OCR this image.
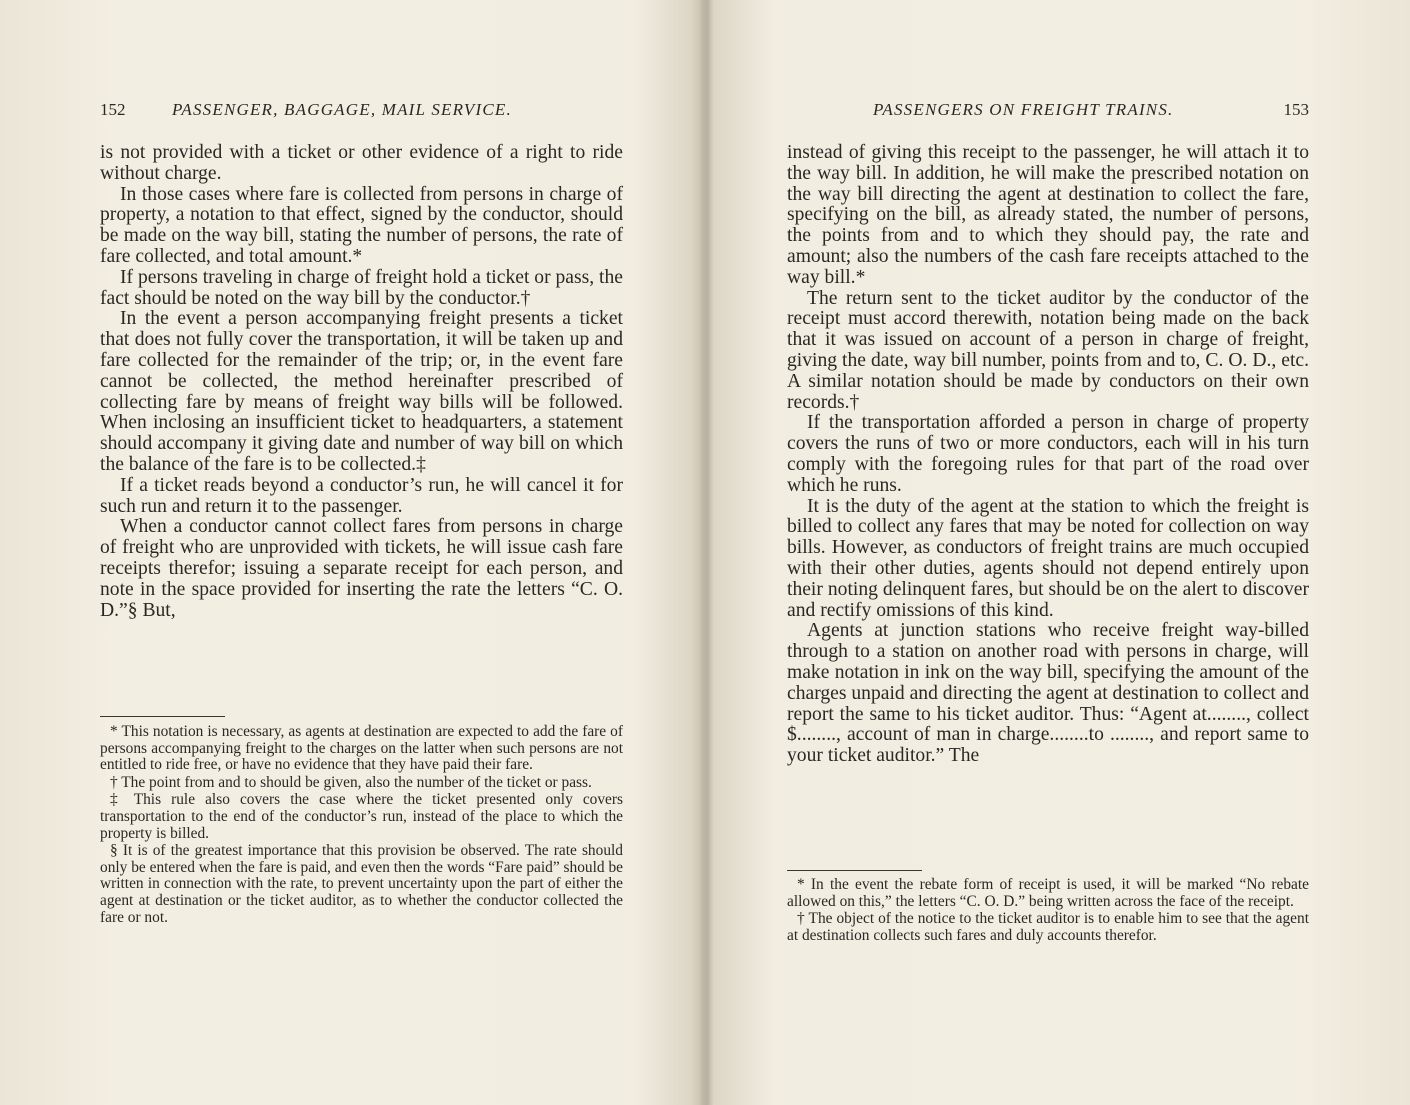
152	PASSENGER, BAGGAGE, MAIL SERVICE.

is not provided with a ticket or other evidence of a right to ride without charge.

In those cases where fare is collected from persons in charge of property, a notation to that effect, signed by the conductor, should be made on the way bill, stating the number of persons, the rate of fare collected, and total amount.*

If persons traveling in charge of freight hold a ticket or pass, the fact should be noted on the way bill by the conductor.†

In the event a person accompanying freight presents a ticket that does not fully cover the transportation, it will be taken up and fare collected for the remainder of the trip; or, in the event fare cannot be collected, the method hereinafter prescribed of collecting fare by means of freight way bills will be followed. When inclosing an insufficient ticket to headquarters, a statement should accompany it giving date and number of way bill on which the balance of the fare is to be collected.‡

If a ticket reads beyond a conductor’s run, he will cancel it for such run and return it to the passenger.

When a conductor cannot collect fares from persons in charge of freight who are unprovided with tickets, he will issue cash fare receipts therefor; issuing a separate receipt for each person, and note in the space provided for inserting the rate the letters “C. O. D.”§ But,

* This notation is necessary, as agents at destination are expected to add the fare of persons accompanying freight to the charges on the latter when such persons are not entitled to ride free, or have no evidence that they have paid their fare.

† The point from and to should be given, also the number of the ticket or pass.

‡ This rule also covers the case where the ticket presented only covers transportation to the end of the conductor’s run, instead of the place to which the property is billed.

§ It is of the greatest importance that this provision be observed. The rate should only be entered when the fare is paid, and even then the words “Fare paid” should be written in connection with the rate, to prevent uncertainty upon the part of either the agent at destination or the ticket auditor, as to whether the conductor collected the fare or not.

PASSENGERS ON FREIGHT TRAINS.	153

instead of giving this receipt to the passenger, he will attach it to the way bill. In addition, he will make the prescribed notation on the way bill directing the agent at destination to collect the fare, specifying on the bill, as already stated, the number of persons, the points from and to which they should pay, the rate and amount; also the numbers of the cash fare receipts attached to the way bill.*

The return sent to the ticket auditor by the conductor of the receipt must accord therewith, notation being made on the back that it was issued on account of a person in charge of freight, giving the date, way bill number, points from and to, C. O. D., etc. A similar notation should be made by conductors on their own records.†

If the transportation afforded a person in charge of property covers the runs of two or more conductors, each will in his turn comply with the foregoing rules for that part of the road over which he runs.

It is the duty of the agent at the station to which the freight is billed to collect any fares that may be noted for collection on way bills. However, as conductors of freight trains are much occupied with their other duties, agents should not depend entirely upon their noting delinquent fares, but should be on the alert to discover and rectify omissions of this kind.

Agents at junction stations who receive freight way-billed through to a station on another road with persons in charge, will make notation in ink on the way bill, specifying the amount of the charges unpaid and directing the agent at destination to collect and report the same to his ticket auditor. Thus: “Agent at........, collect $........, account of man in charge........to ........, and report same to your ticket auditor.” The

* In the event the rebate form of receipt is used, it will be marked “No rebate allowed on this,” the letters “C. O. D.” being written across the face of the receipt.

† The object of the notice to the ticket auditor is to enable him to see that the agent at destination collects such fares and duly accounts therefor.
